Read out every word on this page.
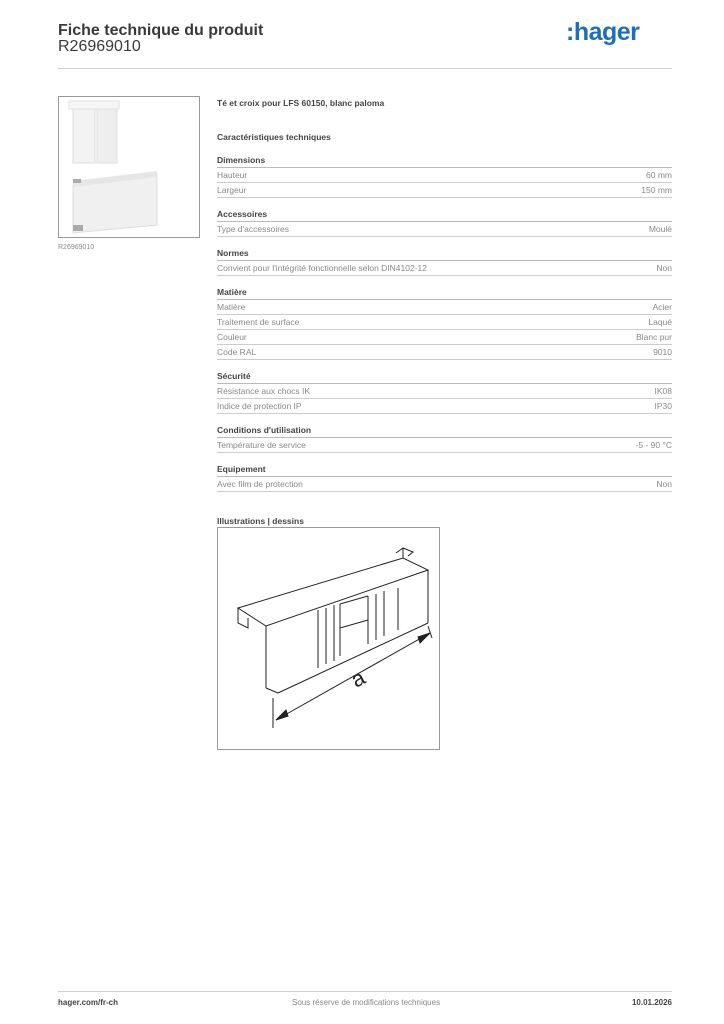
Fiche technique du produit
R26969010
:hager
R26969010
Té et croix pour LFS 60150, blanc paloma
Caractéristiques techniques
Dimensions
Hauteur	60 mm
Largeur	150 mm
Accessoires
Type d'accessoires	Moulé
Normes
Convient pour l'intégrité fonctionnelle selon DIN4102-12	Non
Matière
Matière	Acier
Traitement de surface	Laqué
Couleur	Blanc pur
Code RAL	9010
Sécurité
Résistance aux chocs IK	IK08
Indice de protection IP	IP30
Conditions d'utilisation
Température de service	-5 - 90 °C
Equipement
Avec film de protection	Non
Illustrations | dessins
a
hager.com/fr-ch	Sous réserve de modifications techniques	10.01.2026
